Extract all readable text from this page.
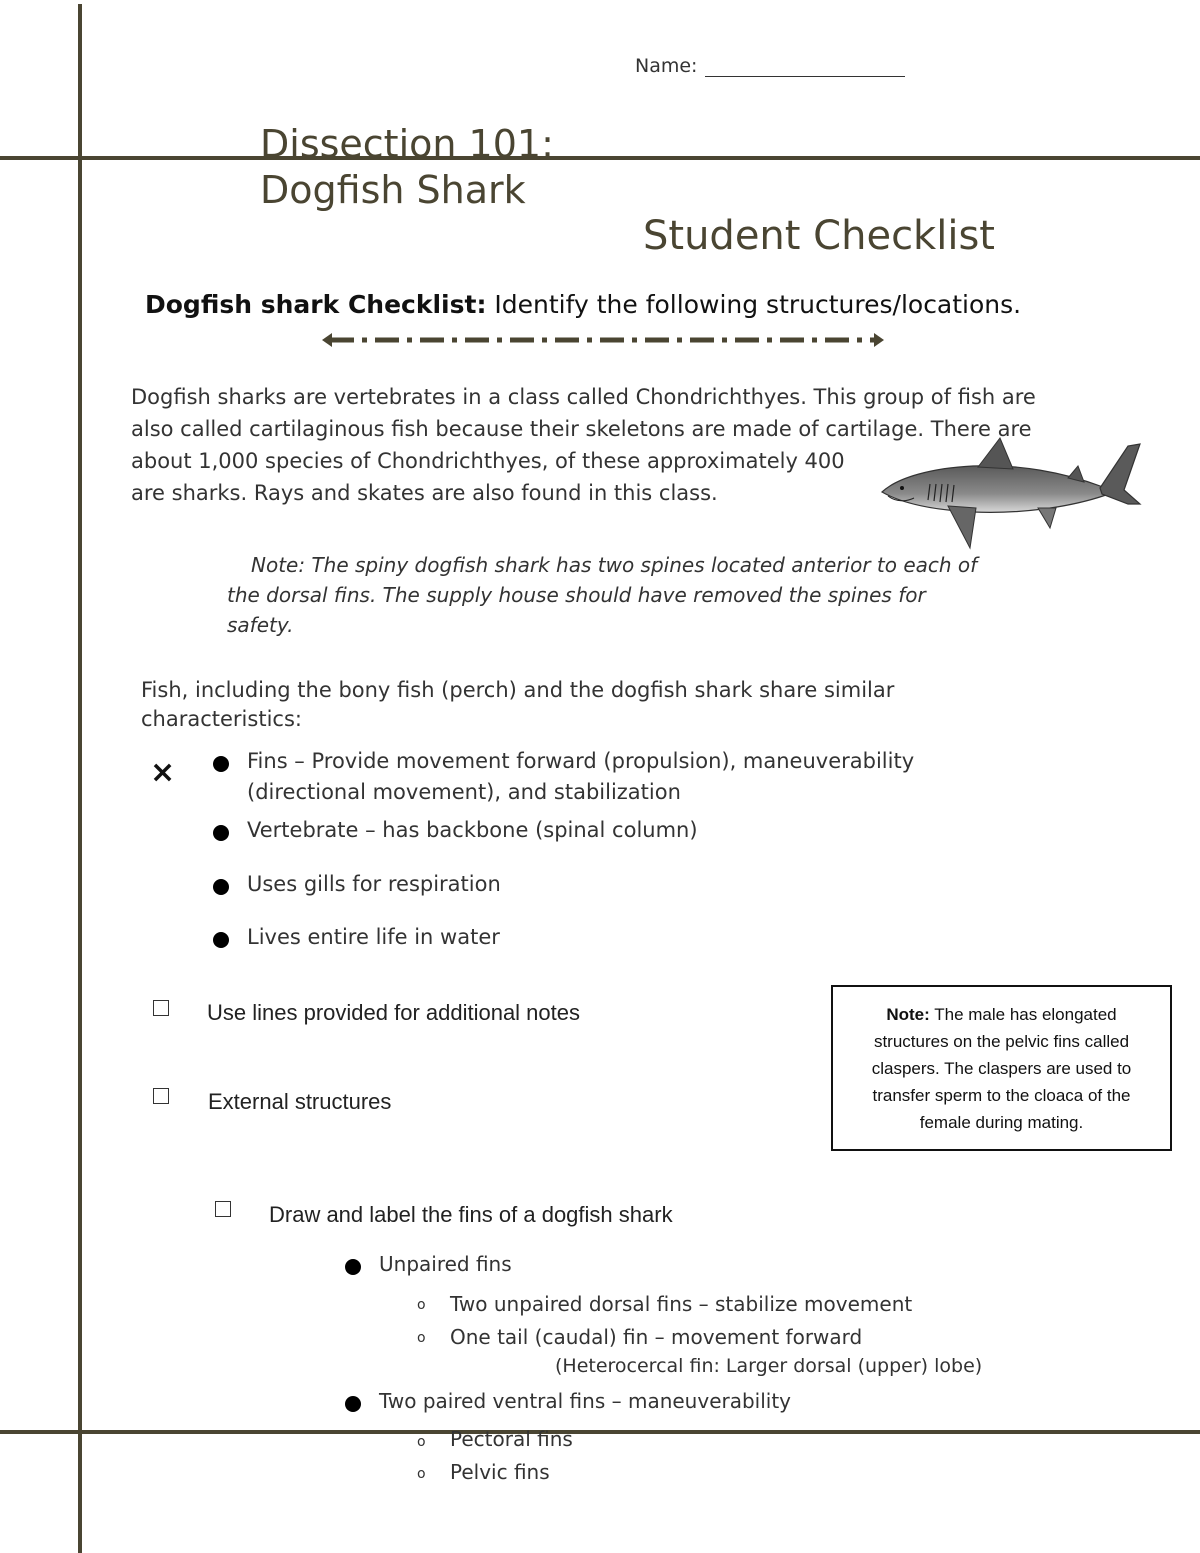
Name:
Dissection 101:
Dogfish Shark
Student Checklist
Dogfish shark Checklist: Identify the following structures/locations.
Dogfish sharks are vertebrates in a class called Chondrichthyes. This group of fish are
also called cartilaginous fish because their skeletons are made of cartilage. There are
about 1,000 species of Chondrichthyes, of these approximately 400
are sharks. Rays and skates are also found in this class.
Note: The spiny dogfish shark has two spines located anterior to each of
the dorsal fins. The supply house should have removed the spines for
safety.
Fish, including the bony fish (perch) and the dogfish shark share similar
characteristics:
×	Fins – Provide movement forward (propulsion), maneuverability
(directional movement), and stabilization
Vertebrate – has backbone (spinal column)
Uses gills for respiration
Lives entire life in water
Use lines provided for additional notes
External structures
Note: The male has elongated structures on the pelvic fins called claspers. The claspers are used to transfer sperm to the cloaca of the female during mating.
Draw and label the fins of a dogfish shark
Unpaired fins
o Two unpaired dorsal fins – stabilize movement
o One tail (caudal) fin – movement forward
(Heterocercal fin: Larger dorsal (upper) lobe)
Two paired ventral fins – maneuverability
o Pectoral fins
o Pelvic fins
